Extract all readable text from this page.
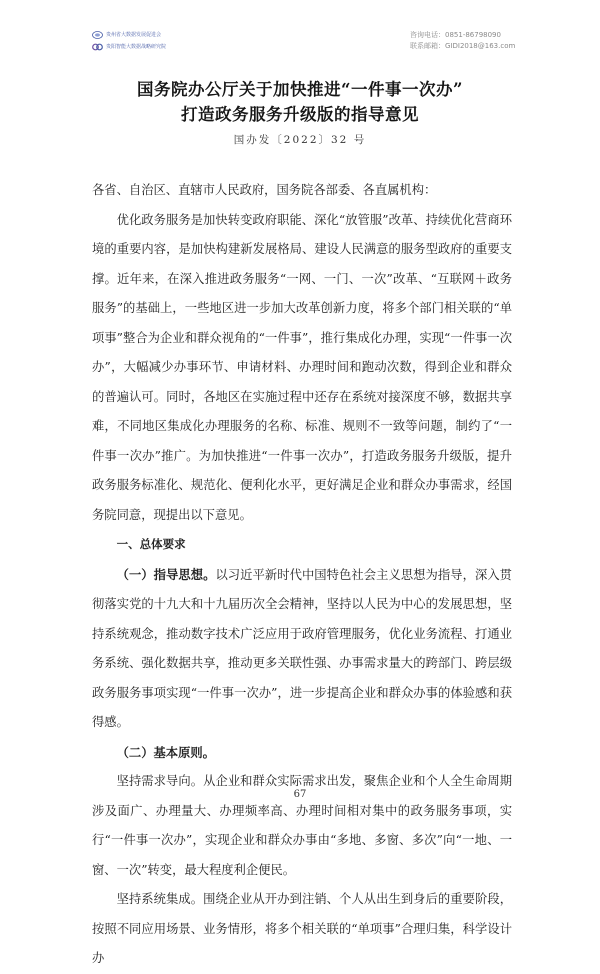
贵州省大数据发展促进会
贵阳智能大数据战略研究院
咨询电话：0851-86798090
联系邮箱：GIDI2018@163.com
国务院办公厅关于加快推进“一件事一次办”
打造政务服务升级版的指导意见
国办发〔2022〕32 号

各省、自治区、直辖市人民政府，国务院各部委、各直属机构：

优化政务服务是加快转变政府职能、深化“放管服”改革、持续优化营商环境的重要内容，是加快构建新发展格局、建设人民满意的服务型政府的重要支撑。近年来，在深入推进政务服务“一网、一门、一次”改革、“互联网＋政务服务”的基础上，一些地区进一步加大改革创新力度，将多个部门相关联的“单项事”整合为企业和群众视角的“一件事”，推行集成化办理，实现“一件事一次办”，大幅减少办事环节、申请材料、办理时间和跑动次数，得到企业和群众的普遍认可。同时，各地区在实施过程中还存在系统对接深度不够，数据共享难，不同地区集成化办理服务的名称、标准、规则不一致等问题，制约了“一件事一次办”推广。为加快推进“一件事一次办”，打造政务服务升级版，提升政务服务标准化、规范化、便利化水平，更好满足企业和群众办事需求，经国务院同意，现提出以下意见。

一、总体要求

（一）指导思想。以习近平新时代中国特色社会主义思想为指导，深入贯彻落实党的十九大和十九届历次全会精神，坚持以人民为中心的发展思想，坚持系统观念，推动数字技术广泛应用于政府管理服务，优化业务流程、打通业务系统、强化数据共享，推动更多关联性强、办事需求量大的跨部门、跨层级政务服务事项实现“一件事一次办”，进一步提高企业和群众办事的体验感和获得感。

（二）基本原则。

坚持需求导向。从企业和群众实际需求出发，聚焦企业和个人全生命周期涉及面广、办理量大、办理频率高、办理时间相对集中的政务服务事项，实行“一件事一次办”，实现企业和群众办事由“多地、多窗、多次”向“一地、一窗、一次”转变，最大程度利企便民。

坚持系统集成。围绕企业从开办到注销、个人从出生到身后的重要阶段，按照不同应用场景、业务情形，将多个相关联的“单项事”合理归集，科学设计办

67
